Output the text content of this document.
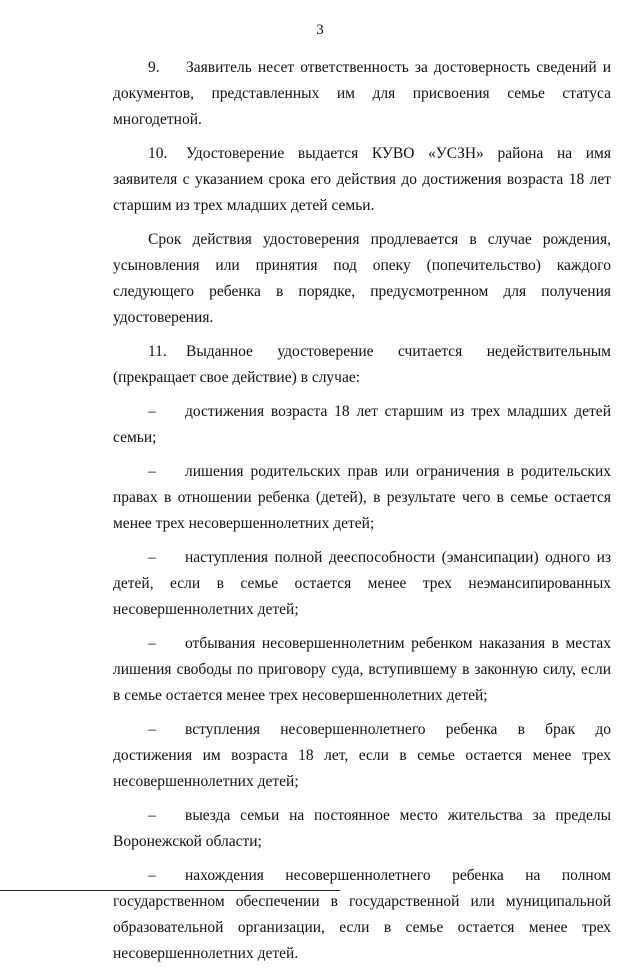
3

9. Заявитель несет ответственность за достоверность сведений и документов, представленных им для присвоения семье статуса многодетной.

10. Удостоверение выдается КУВО «УСЗН» района на имя заявителя с указанием срока его действия до достижения возраста 18 лет старшим из трех младших детей семьи.

Срок действия удостоверения продлевается в случае рождения, усыновления или принятия под опеку (попечительство) каждого следующего ребенка в порядке, предусмотренном для получения удостоверения.

11. Выданное удостоверение считается недействительным (прекращает свое действие) в случае:

– достижения возраста 18 лет старшим из трех младших детей семьи;

– лишения родительских прав или ограничения в родительских правах в отношении ребенка (детей), в результате чего в семье остается менее трех несовершеннолетних детей;

– наступления полной дееспособности (эмансипации) одного из детей, если в семье остается менее трех неэмансипированных несовершеннолетних детей;

– отбывания несовершеннолетним ребенком наказания в местах лишения свободы по приговору суда, вступившему в законную силу, если в семье остается менее трех несовершеннолетних детей;

– вступления несовершеннолетнего ребенка в брак до достижения им возраста 18 лет, если в семье остается менее трех несовершеннолетних детей;

– выезда семьи на постоянное место жительства за пределы Воронежской области;

– нахождения несовершеннолетнего ребенка на полном государственном обеспечении в государственной или муниципальной образовательной организации, если в семье остается менее трех несовершеннолетних детей.
